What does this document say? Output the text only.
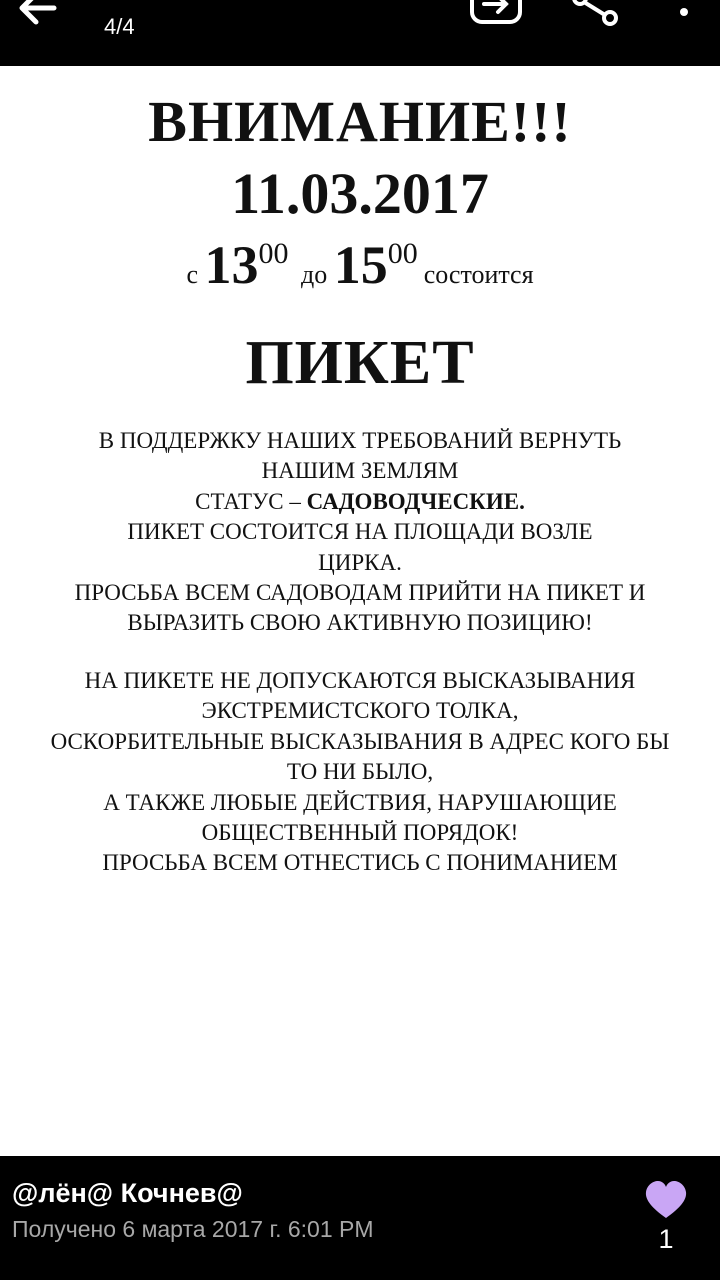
4/4
ВНИМАНИЕ!!!
11.03.2017
с 1300 до 1500состоится
ПИКЕТ
В ПОДДЕРЖКУ НАШИХ ТРЕБОВАНИЙ ВЕРНУТЬ
НАШИМ ЗЕМЛЯМ
СТАТУС – САДОВОДЧЕСКИЕ.
ПИКЕТ СОСТОИТСЯ НА ПЛОЩАДИ ВОЗЛЕ
ЦИРКА.
ПРОСЬБА ВСЕМ САДОВОДАМ ПРИЙТИ НА ПИКЕТ И
ВЫРАЗИТЬ СВОЮ АКТИВНУЮ ПОЗИЦИЮ!
НА ПИКЕТЕ НЕ ДОПУСКАЮТСЯ ВЫСКАЗЫВАНИЯ
ЭКСТРЕМИСТСКОГО ТОЛКА,
ОСКОРБИТЕЛЬНЫЕ ВЫСКАЗЫВАНИЯ В АДРЕС КОГО БЫ
ТО НИ БЫЛО,
А ТАКЖЕ ЛЮБЫЕ ДЕЙСТВИЯ, НАРУШАЮЩИЕ
ОБЩЕСТВЕННЫЙ ПОРЯДОК!
ПРОСЬБА ВСЕМ ОТНЕСТИСЬ С ПОНИМАНИЕМ
@лён@ Кочнев@
Получено 6 марта 2017 г. 6:01 PM	1
